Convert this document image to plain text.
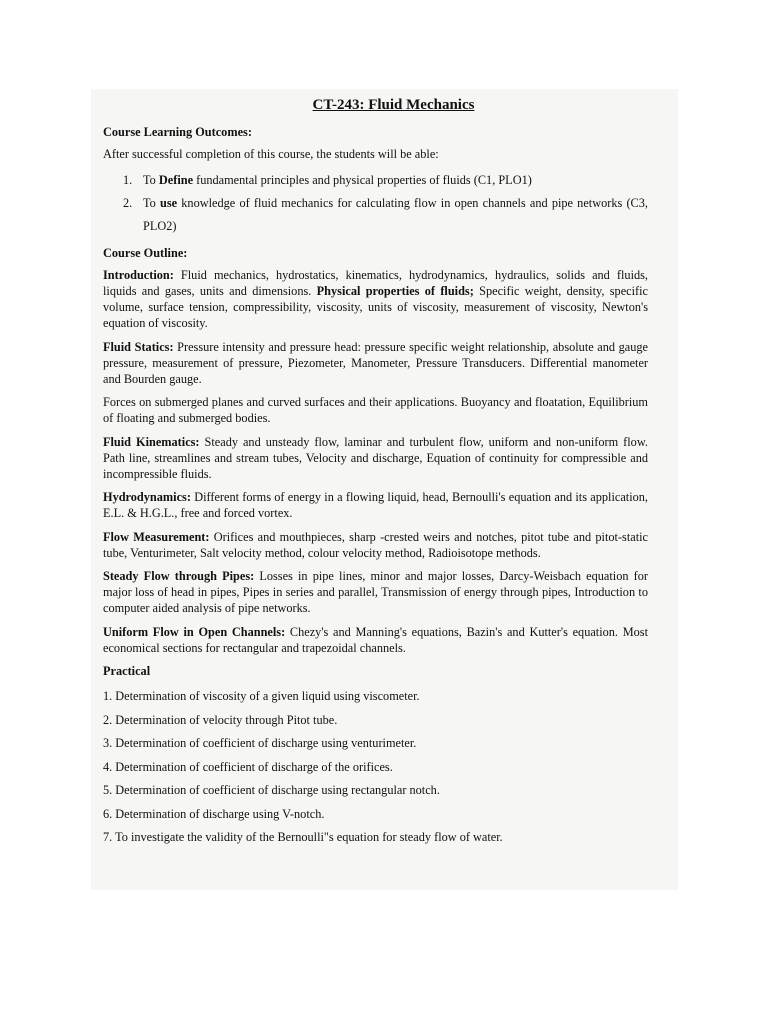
CT-243: Fluid Mechanics
Course Learning Outcomes:
After successful completion of this course, the students will be able:
1. To Define fundamental principles and physical properties of fluids (C1, PLO1)
2. To use knowledge of fluid mechanics for calculating flow in open channels and pipe networks (C3, PLO2)
Course Outline:
Introduction: Fluid mechanics, hydrostatics, kinematics, hydrodynamics, hydraulics, solids and fluids, liquids and gases, units and dimensions. Physical properties of fluids; Specific weight, density, specific volume, surface tension, compressibility, viscosity, units of viscosity, measurement of viscosity, Newton's equation of viscosity.
Fluid Statics: Pressure intensity and pressure head: pressure specific weight relationship, absolute and gauge pressure, measurement of pressure, Piezometer, Manometer, Pressure Transducers. Differential manometer and Bourden gauge.
Forces on submerged planes and curved surfaces and their applications. Buoyancy and floatation, Equilibrium of floating and submerged bodies.
Fluid Kinematics: Steady and unsteady flow, laminar and turbulent flow, uniform and non-uniform flow. Path line, streamlines and stream tubes, Velocity and discharge, Equation of continuity for compressible and incompressible fluids.
Hydrodynamics: Different forms of energy in a flowing liquid, head, Bernoulli's equation and its application, E.L. & H.G.L., free and forced vortex.
Flow Measurement: Orifices and mouthpieces, sharp -crested weirs and notches, pitot tube and pitot-static tube, Venturimeter, Salt velocity method, colour velocity method, Radioisotope methods.
Steady Flow through Pipes: Losses in pipe lines, minor and major losses, Darcy-Weisbach equation for major loss of head in pipes, Pipes in series and parallel, Transmission of energy through pipes, Introduction to computer aided analysis of pipe networks.
Uniform Flow in Open Channels: Chezy's and Manning's equations, Bazin's and Kutter's equation. Most economical sections for rectangular and trapezoidal channels.
Practical
1. Determination of viscosity of a given liquid using viscometer.
2. Determination of velocity through Pitot tube.
3. Determination of coefficient of discharge using venturimeter.
4. Determination of coefficient of discharge of the orifices.
5. Determination of coefficient of discharge using rectangular notch.
6. Determination of discharge using V-notch.
7. To investigate the validity of the Bernoulli"s equation for steady flow of water.
